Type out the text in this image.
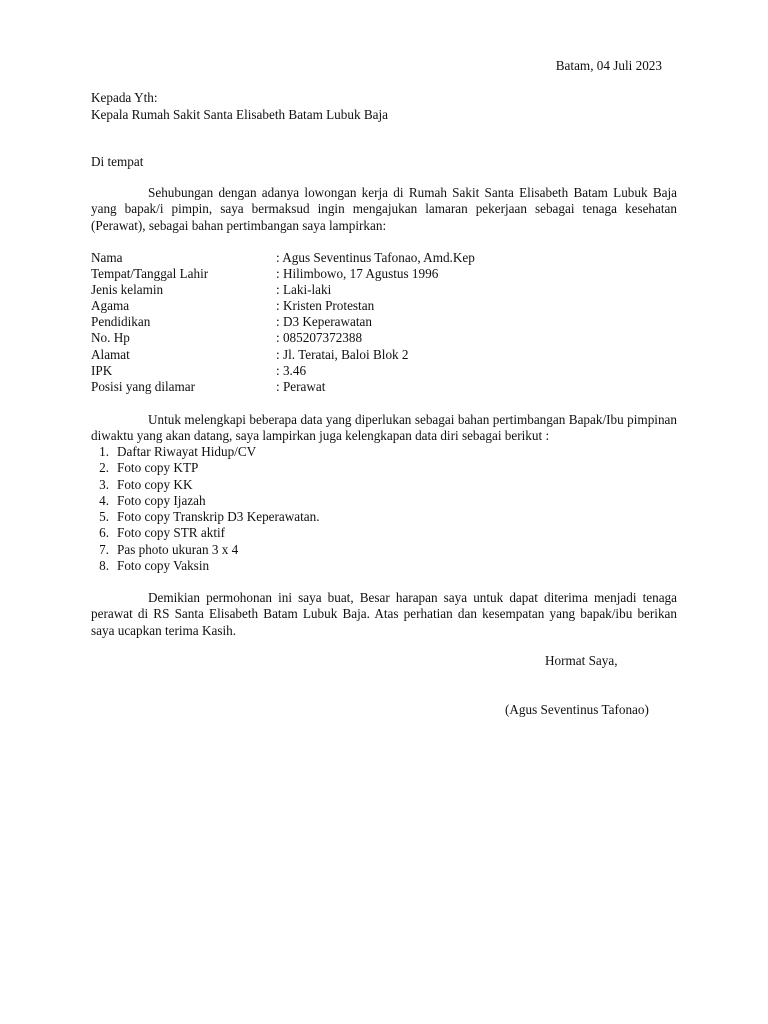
Batam, 04 Juli 2023
Kepada Yth:
Kepala Rumah Sakit Santa Elisabeth Batam Lubuk Baja
Di tempat
Sehubungan dengan adanya lowongan kerja di Rumah Sakit Santa Elisabeth Batam Lubuk Baja yang bapak/i pimpin, saya bermaksud ingin mengajukan lamaran pekerjaan sebagai tenaga kesehatan (Perawat), sebagai bahan pertimbangan saya lampirkan:
Nama	: Agus Seventinus Tafonao, Amd.Kep
Tempat/Tanggal Lahir	: Hilimbowo, 17 Agustus 1996
Jenis kelamin	: Laki-laki
Agama	: Kristen Protestan
Pendidikan	: D3 Keperawatan
No. Hp	: 085207372388
Alamat	: Jl. Teratai, Baloi Blok 2
IPK	: 3.46
Posisi yang dilamar	: Perawat
Untuk melengkapi beberapa data yang diperlukan sebagai bahan pertimbangan Bapak/Ibu pimpinan diwaktu yang akan datang, saya lampirkan juga kelengkapan data diri sebagai berikut :
1. Daftar Riwayat Hidup/CV
2. Foto copy KTP
3. Foto copy KK
4. Foto copy Ijazah
5. Foto copy Transkrip D3 Keperawatan.
6. Foto copy STR aktif
7. Pas photo ukuran 3 x 4
8. Foto copy Vaksin
Demikian permohonan ini saya buat, Besar harapan saya untuk dapat diterima menjadi tenaga perawat di RS Santa Elisabeth Batam Lubuk Baja. Atas perhatian dan kesempatan yang bapak/ibu berikan saya ucapkan terima Kasih.
Hormat Saya,
(Agus Seventinus Tafonao)
